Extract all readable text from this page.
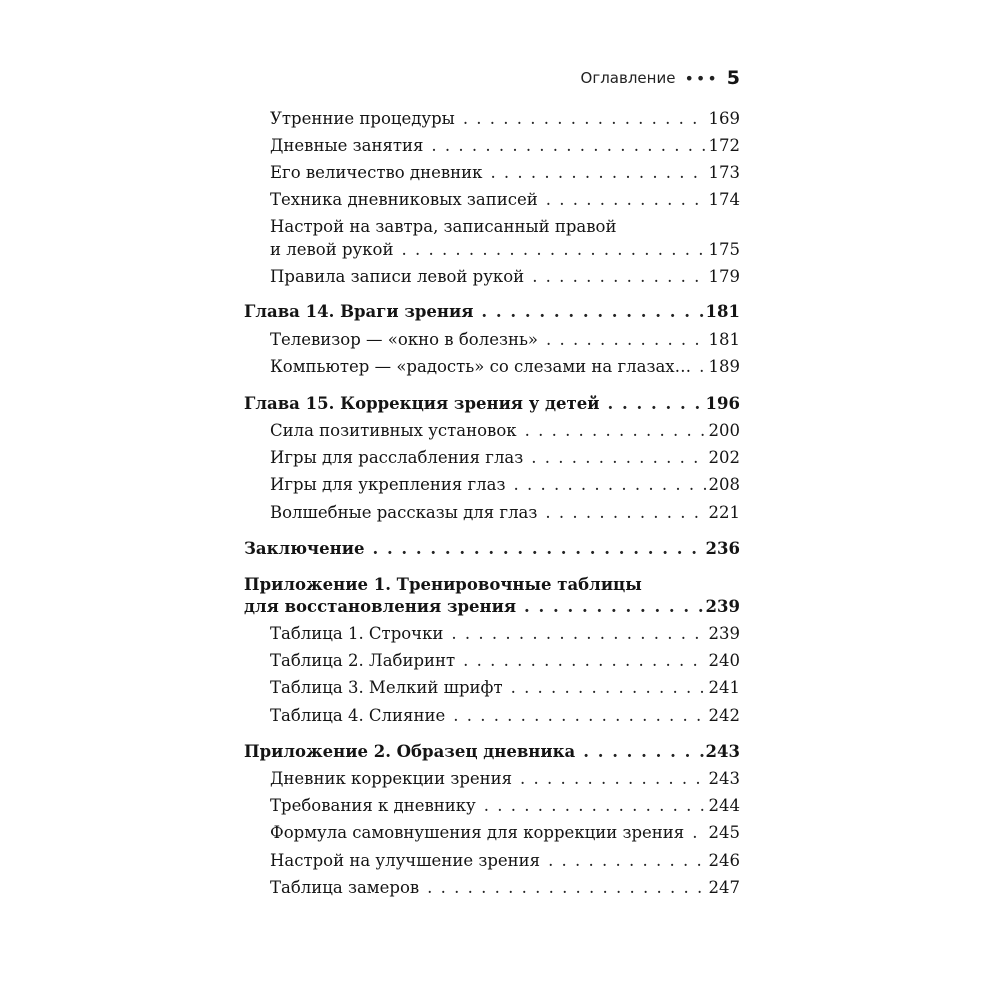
Оглавление ••• 5
Утренние процедуры . . .	169
Дневные занятия . . .	172
Его величество дневник . . .	173
Техника дневниковых записей . . .	174
Настрой на завтра, записанный правой
и левой рукой . . .	175
Правила записи левой рукой . . .	179
Глава 14. Враги зрения . . .	181
Телевизор — «окно в болезнь» . . .	181
Компьютер — «радость» со слезами на глазах… . . . 189
Глава 15. Коррекция зрения у детей . . .	196
Сила позитивных установок . . .	200
Игры для расслабления глаз . . .	202
Игры для укрепления глаз . . .	208
Волшебные рассказы для глаз . . .	221
Заключение . . .	236
Приложение 1. Тренировочные таблицы
для восстановления зрения . . .	239
Таблица 1. Строчки . . .	239
Таблица 2. Лабиринт . . .	240
Таблица 3. Мелкий шрифт . . .	241
Таблица 4. Слияние . . .	242
Приложение 2. Образец дневника . . .	243
Дневник коррекции зрения . . .	243
Требования к дневнику . . .	244
Формула самовнушения для коррекции зрения . . . 245
Настрой на улучшение зрения . . .	246
Таблица замеров . . .	247
